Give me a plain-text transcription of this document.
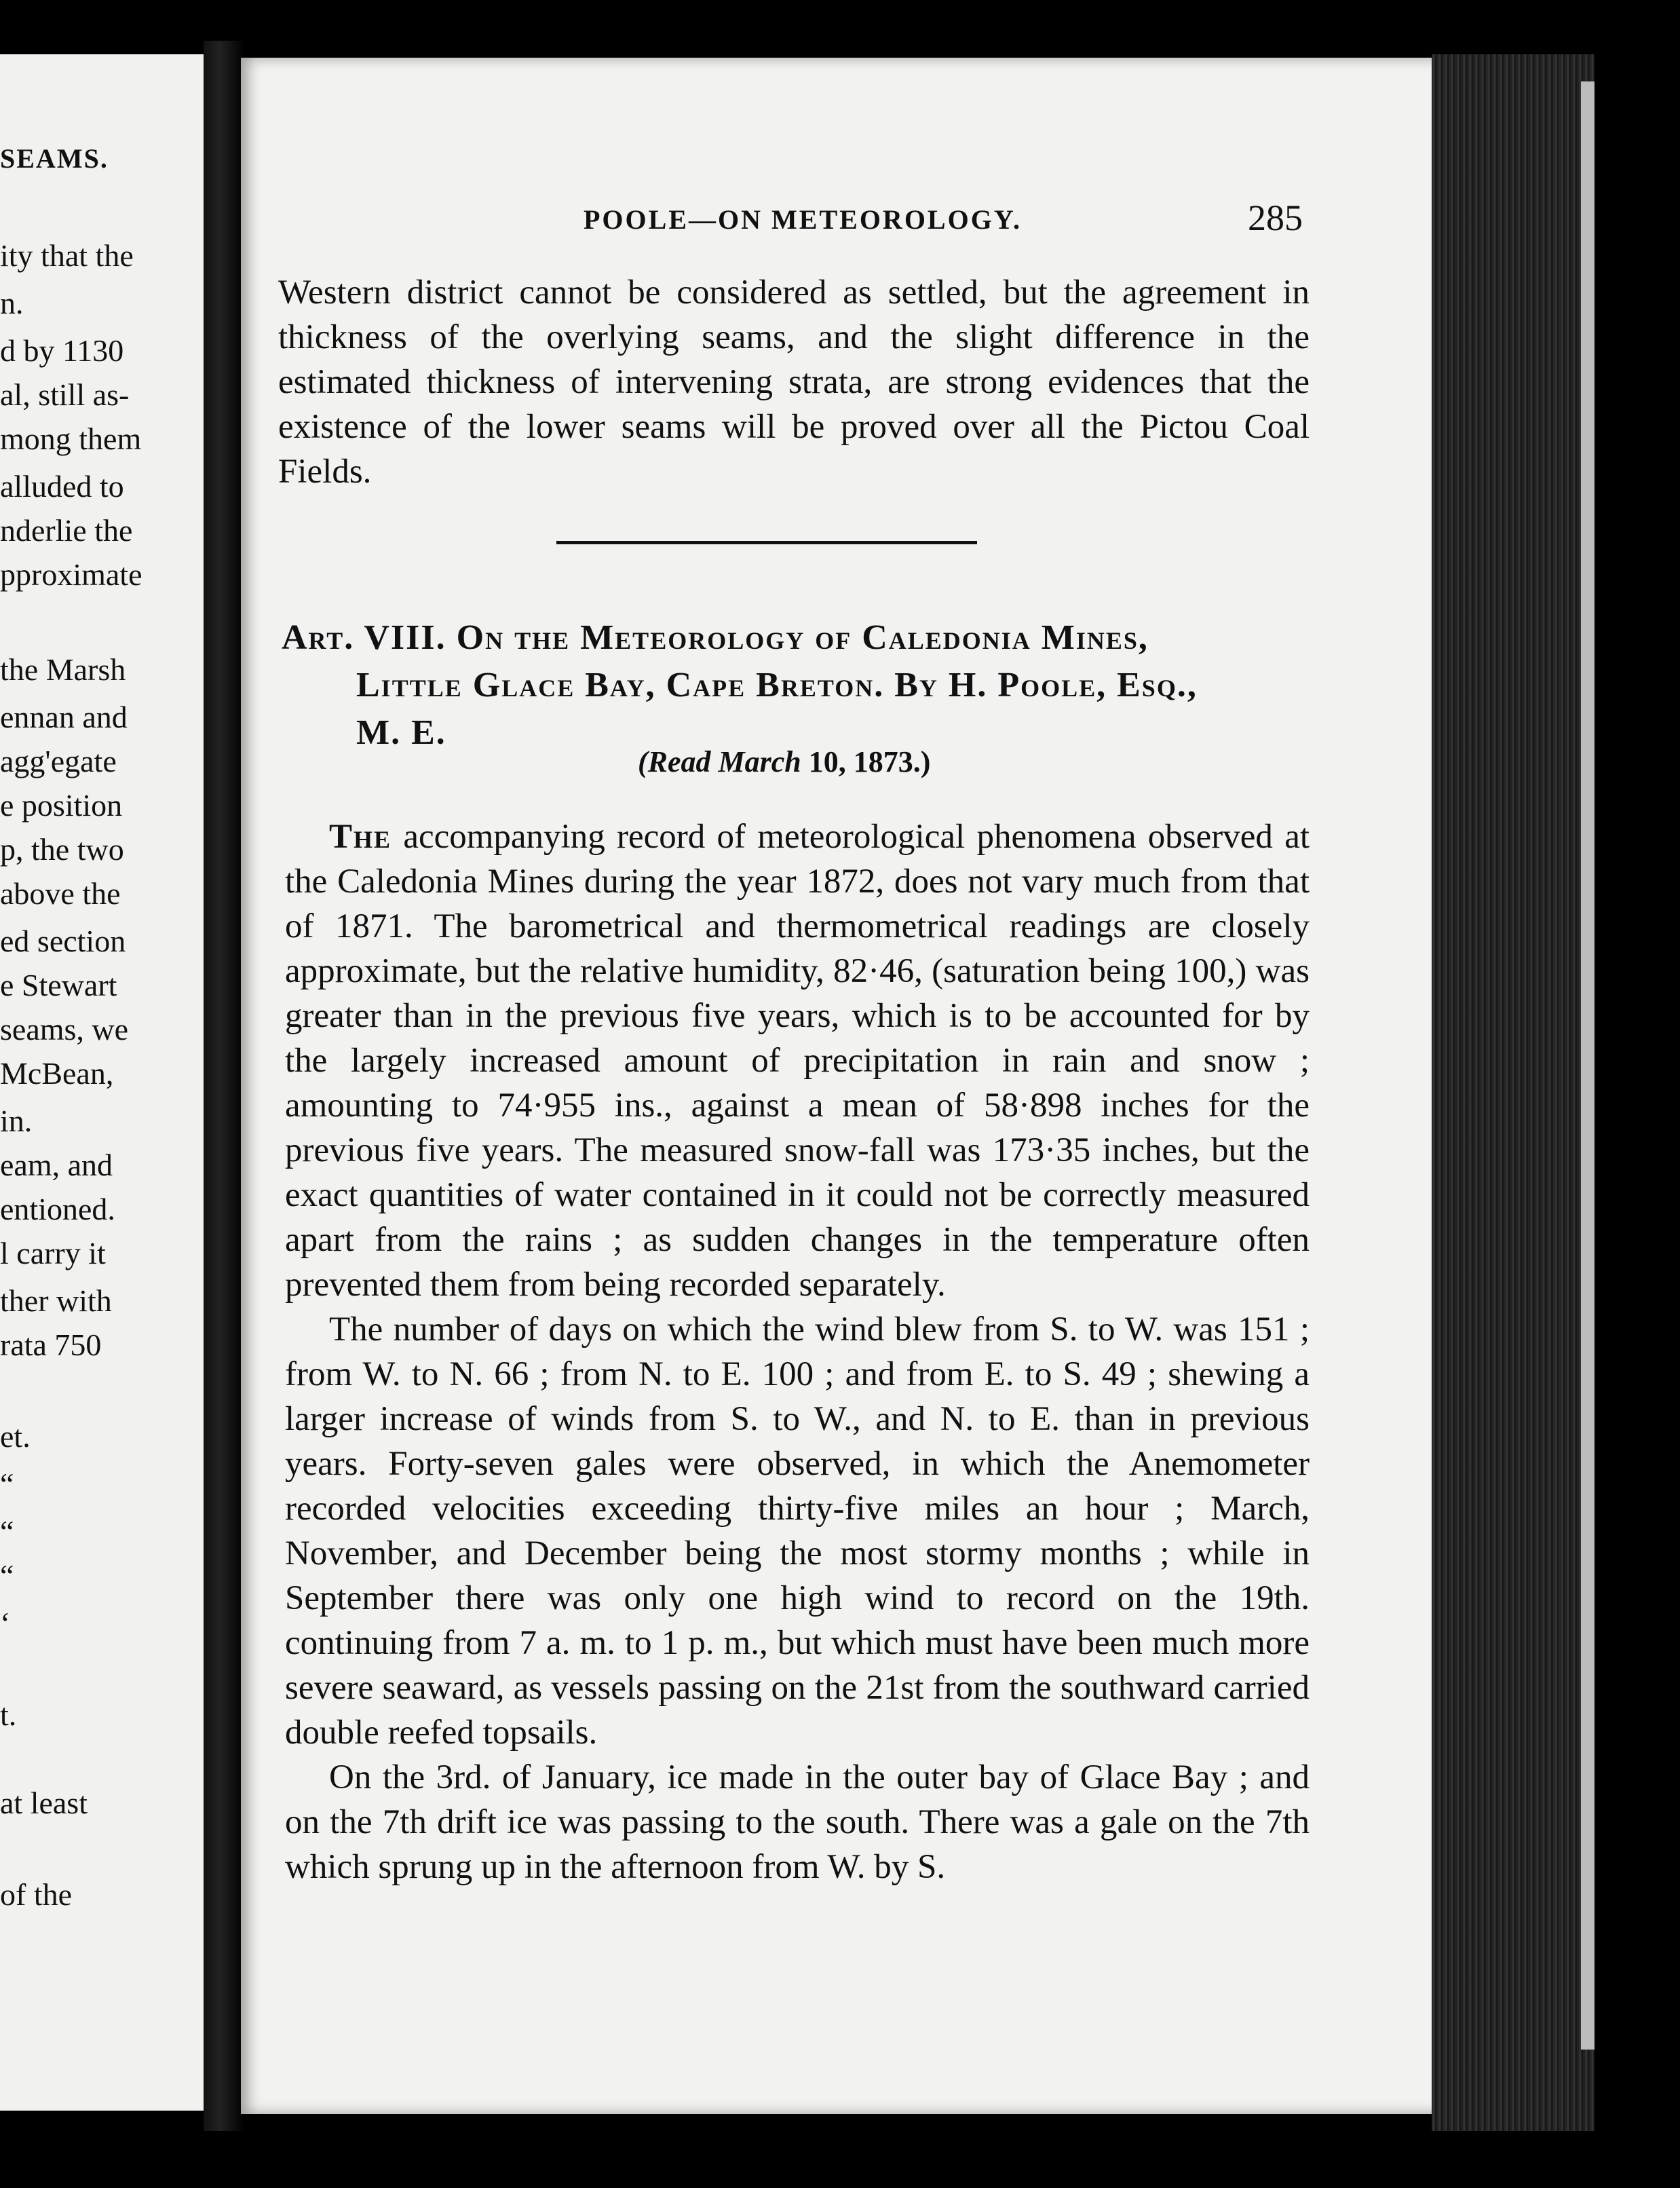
SEAMS.
ity that the
n.
d by 1130
al, still as-
mong them
alluded to
nderlie the
pproximate
the Marsh
ennan and
agg'egate
e position
p, the two
above the
ed section
e Stewart
seams, we
McBean,
in.
eam, and
entioned.
l carry it
ther with
rata 750
et.
“
“
“
‘
t.
at least
of the
POOLE—ON METEOROLOGY.	285

Western district cannot be considered as settled, but the agreement in thickness of the overlying seams, and the slight difference in the estimated thickness of intervening strata, are strong evidences that the existence of the lower seams will be proved over all the Pictou Coal Fields.

Art. VIII. On the Meteorology of Caledonia Mines,
Little Glace Bay, Cape Breton. By H. Poole, Esq.,
M. E.
(Read March 10, 1873.)

The accompanying record of meteorological phenomena observed at the Caledonia Mines during the year 1872, does not vary much from that of 1871. The barometrical and thermometrical readings are closely approximate, but the relative humidity, 82·46, (saturation being 100,) was greater than in the previous five years, which is to be accounted for by the largely increased amount of precipitation in rain and snow ; amounting to 74·955 ins., against a mean of 58·898 inches for the previous five years. The measured snow-fall was 173·35 inches, but the exact quantities of water contained in it could not be correctly measured apart from the rains ; as sudden changes in the temperature often prevented them from being recorded separately.

The number of days on which the wind blew from S. to W. was 151 ; from W. to N. 66 ; from N. to E. 100 ; and from E. to S. 49 ; shewing a larger increase of winds from S. to W., and N. to E. than in previous years. Forty-seven gales were observed, in which the Anemometer recorded velocities exceeding thirty-five miles an hour ; March, November, and December being the most stormy months ; while in September there was only one high wind to record on the 19th. continuing from 7 a. m. to 1 p. m., but which must have been much more severe seaward, as vessels passing on the 21st from the southward carried double reefed topsails.

On the 3rd. of January, ice made in the outer bay of Glace Bay ; and on the 7th drift ice was passing to the south. There was a gale on the 7th which sprung up in the afternoon from W. by S.
